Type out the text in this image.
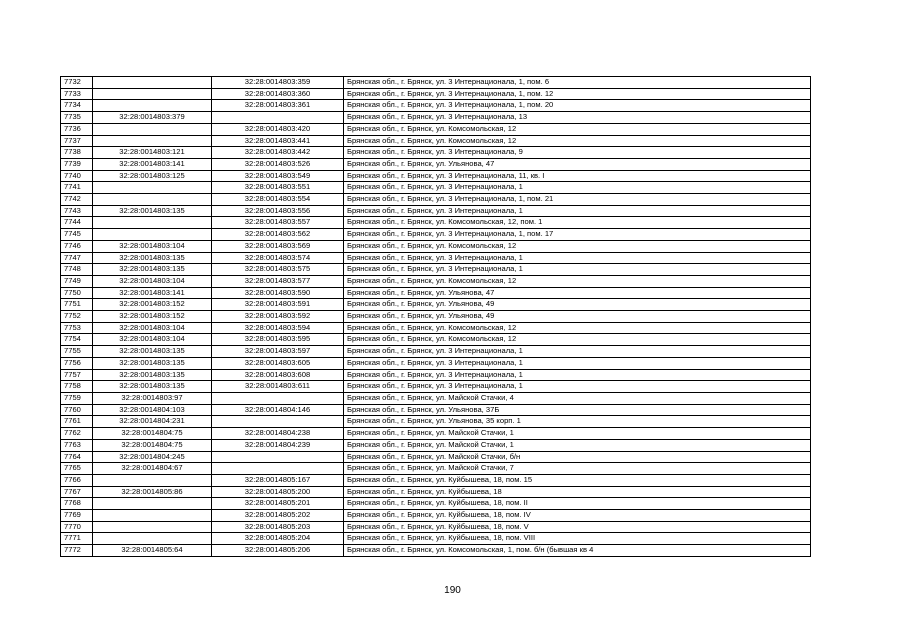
7732		32:28:0014803:359	Брянская обл., г. Брянск, ул. 3 Интернационала, 1, пом. 6
7733		32:28:0014803:360	Брянская обл., г. Брянск, ул. 3 Интернационала, 1, пом. 12
7734		32:28:0014803:361	Брянская обл., г. Брянск, ул. 3 Интернационала, 1, пом. 20
7735	32:28:0014803:379		Брянская обл., г. Брянск, ул. 3 Интернационала, 13
7736		32:28:0014803:420	Брянская обл., г. Брянск, ул. Комсомольская, 12
7737		32:28:0014803:441	Брянская обл., г. Брянск, ул. Комсомольская, 12
7738	32:28:0014803:121	32:28:0014803:442	Брянская обл., г. Брянск, ул. 3 Интернационала, 9
7739	32:28:0014803:141	32:28:0014803:526	Брянская обл., г. Брянск, ул. Ульянова, 47
7740	32:28:0014803:125	32:28:0014803:549	Брянская обл., г. Брянск, ул. 3 Интернационала, 11, кв. I
7741		32:28:0014803:551	Брянская обл., г. Брянск, ул. 3 Интернационала, 1
7742		32:28:0014803:554	Брянская обл., г. Брянск, ул. 3 Интернационала, 1, пом. 21
7743	32:28:0014803:135	32:28:0014803:556	Брянская обл., г. Брянск, ул. 3 Интернационала, 1
7744		32:28:0014803:557	Брянская обл., г. Брянск, ул. Комсомольская, 12, пом. 1
7745		32:28:0014803:562	Брянская обл., г. Брянск, ул. 3 Интернационала, 1, пом. 17
7746	32:28:0014803:104	32:28:0014803:569	Брянская обл., г. Брянск, ул. Комсомольская, 12
7747	32:28:0014803:135	32:28:0014803:574	Брянская обл., г. Брянск, ул. 3 Интернационала, 1
7748	32:28:0014803:135	32:28:0014803:575	Брянская обл., г. Брянск, ул. 3 Интернационала, 1
7749	32:28:0014803:104	32:28:0014803:577	Брянская обл., г. Брянск, ул. Комсомольская, 12
7750	32:28:0014803:141	32:28:0014803:590	Брянская обл., г. Брянск, ул. Ульянова, 47
7751	32:28:0014803:152	32:28:0014803:591	Брянская обл., г. Брянск, ул. Ульянова, 49
7752	32:28:0014803:152	32:28:0014803:592	Брянская обл., г. Брянск, ул. Ульянова, 49
7753	32:28:0014803:104	32:28:0014803:594	Брянская обл., г. Брянск, ул. Комсомольская, 12
7754	32:28:0014803:104	32:28:0014803:595	Брянская обл., г. Брянск, ул. Комсомольская, 12
7755	32:28:0014803:135	32:28:0014803:597	Брянская обл., г. Брянск, ул. 3 Интернационала, 1
7756	32:28:0014803:135	32:28:0014803:605	Брянская обл., г. Брянск, ул. 3 Интернационала, 1
7757	32:28:0014803:135	32:28:0014803:608	Брянская обл., г. Брянск, ул. 3 Интернационала, 1
7758	32:28:0014803:135	32:28:0014803:611	Брянская обл., г. Брянск, ул. 3 Интернационала, 1
7759	32:28:0014803:97		Брянская обл., г. Брянск, ул. Майской Стачки, 4
7760	32:28:0014804:103	32:28:0014804:146	Брянская обл., г. Брянск, ул. Ульянова, 37Б
7761	32:28:0014804:231		Брянская обл., г. Брянск, ул. Ульянова, 35 корп. 1
7762	32:28:0014804:75	32:28:0014804:238	Брянская обл., г. Брянск, ул. Майской Стачки, 1
7763	32:28:0014804:75	32:28:0014804:239	Брянская обл., г. Брянск, ул. Майской Стачки, 1
7764	32:28:0014804:245		Брянская обл., г. Брянск, ул. Майской Стачки, б/н
7765	32:28:0014804:67		Брянская обл., г. Брянск, ул. Майской Стачки, 7
7766		32:28:0014805:167	Брянская обл., г. Брянск, ул. Куйбышева, 18, пом. 15
7767	32:28:0014805:86	32:28:0014805:200	Брянская обл., г. Брянск, ул. Куйбышева, 18
7768		32:28:0014805:201	Брянская обл., г. Брянск, ул. Куйбышева, 18, пом. II
7769		32:28:0014805:202	Брянская обл., г. Брянск, ул. Куйбышева, 18, пом. IV
7770		32:28:0014805:203	Брянская обл., г. Брянск, ул. Куйбышева, 18, пом. V
7771		32:28:0014805:204	Брянская обл., г. Брянск, ул. Куйбышева, 18, пом. VIII
7772	32:28:0014805:64	32:28:0014805:206	Брянская обл., г. Брянск, ул. Комсомольская, 1, пом. б/н (бывшая кв 4
190
